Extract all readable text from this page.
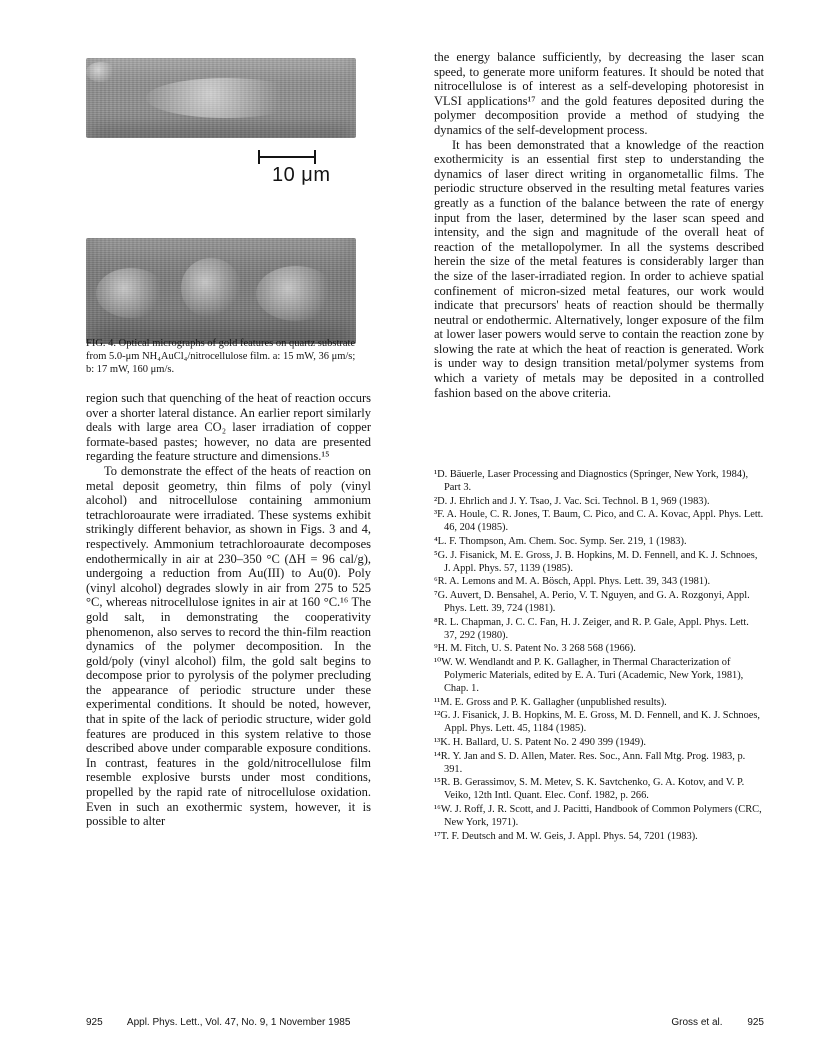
10 μm
FIG. 4. Optical micrographs of gold features on quartz substrate from 5.0-μm NH₄AuCl₄/nitrocellulose film. a: 15 mW, 36 μm/s; b: 17 mW, 160 μm/s.

region such that quenching of the heat of reaction occurs over a shorter lateral distance. An earlier report similarly deals with large area CO₂ laser irradiation of copper formate-based pastes; however, no data are presented regarding the feature structure and dimensions.¹⁵

To demonstrate the effect of the heats of reaction on metal deposit geometry, thin films of poly (vinyl alcohol) and nitrocellulose containing ammonium tetrachloroaurate were irradiated. These systems exhibit strikingly different behavior, as shown in Figs. 3 and 4, respectively. Ammonium tetrachloroaurate decomposes endothermically in air at 230–350 °C (ΔH = 96 cal/g), undergoing a reduction from Au(III) to Au(0). Poly (vinyl alcohol) degrades slowly in air from 275 to 525 °C, whereas nitrocellulose ignites in air at 160 °C.¹⁶ The gold salt, in demonstrating the cooperativity phenomenon, also serves to record the thin-film reaction dynamics of the polymer decomposition. In the gold/poly (vinyl alcohol) film, the gold salt begins to decompose prior to pyrolysis of the polymer precluding the appearance of periodic structure under these experimental conditions. It should be noted, however, that in spite of the lack of periodic structure, wider gold features are produced in this system relative to those described above under comparable exposure conditions. In contrast, features in the gold/nitrocellulose film resemble explosive bursts under most conditions, propelled by the rapid rate of nitrocellulose oxidation. Even in such an exothermic system, however, it is possible to alter

the energy balance sufficiently, by decreasing the laser scan speed, to generate more uniform features. It should be noted that nitrocellulose is of interest as a self-developing photoresist in VLSI applications¹⁷ and the gold features deposited during the polymer decomposition provide a method of studying the dynamics of the self-development process.

It has been demonstrated that a knowledge of the reaction exothermicity is an essential first step to understanding the dynamics of laser direct writing in organometallic films. The periodic structure observed in the resulting metal features varies greatly as a function of the balance between the rate of energy input from the laser, determined by the laser scan speed and intensity, and the sign and magnitude of the overall heat of reaction of the metallopolymer. In all the systems described herein the size of the metal features is considerably larger than the size of the laser-irradiated region. In order to achieve spatial confinement of micron-sized metal features, our work would indicate that precursors' heats of reaction should be thermally neutral or endothermic. Alternatively, longer exposure of the film at lower laser powers would serve to contain the reaction zone by slowing the rate at which the heat of reaction is generated. Work is under way to design transition metal/polymer systems from which a variety of metals may be deposited in a controlled fashion based on the above criteria.

¹D. Bäuerle, Laser Processing and Diagnostics (Springer, New York, 1984), Part 3.
²D. J. Ehrlich and J. Y. Tsao, J. Vac. Sci. Technol. B 1, 969 (1983).
³F. A. Houle, C. R. Jones, T. Baum, C. Pico, and C. A. Kovac, Appl. Phys. Lett. 46, 204 (1985).
⁴L. F. Thompson, Am. Chem. Soc. Symp. Ser. 219, 1 (1983).
⁵G. J. Fisanick, M. E. Gross, J. B. Hopkins, M. D. Fennell, and K. J. Schnoes, J. Appl. Phys. 57, 1139 (1985).
⁶R. A. Lemons and M. A. Bösch, Appl. Phys. Lett. 39, 343 (1981).
⁷G. Auvert, D. Bensahel, A. Perio, V. T. Nguyen, and G. A. Rozgonyi, Appl. Phys. Lett. 39, 724 (1981).
⁸R. L. Chapman, J. C. C. Fan, H. J. Zeiger, and R. P. Gale, Appl. Phys. Lett. 37, 292 (1980).
⁹H. M. Fitch, U. S. Patent No. 3 268 568 (1966).
¹⁰W. W. Wendlandt and P. K. Gallagher, in Thermal Characterization of Polymeric Materials, edited by E. A. Turi (Academic, New York, 1981), Chap. 1.
¹¹M. E. Gross and P. K. Gallagher (unpublished results).
¹²G. J. Fisanick, J. B. Hopkins, M. E. Gross, M. D. Fennell, and K. J. Schnoes, Appl. Phys. Lett. 45, 1184 (1985).
¹³K. H. Ballard, U. S. Patent No. 2 490 399 (1949).
¹⁴R. Y. Jan and S. D. Allen, Mater. Res. Soc., Ann. Fall Mtg. Prog. 1983, p. 391.
¹⁵R. B. Gerassimov, S. M. Metev, S. K. Savtchenko, G. A. Kotov, and V. P. Veiko, 12th Intl. Quant. Elec. Conf. 1982, p. 266.
¹⁶W. J. Roff, J. R. Scott, and J. Pacitti, Handbook of Common Polymers (CRC, New York, 1971).
¹⁷T. F. Deutsch and M. W. Geis, J. Appl. Phys. 54, 7201 (1983).
925 Appl. Phys. Lett., Vol. 47, No. 9, 1 November 1985	Gross et al. 925
